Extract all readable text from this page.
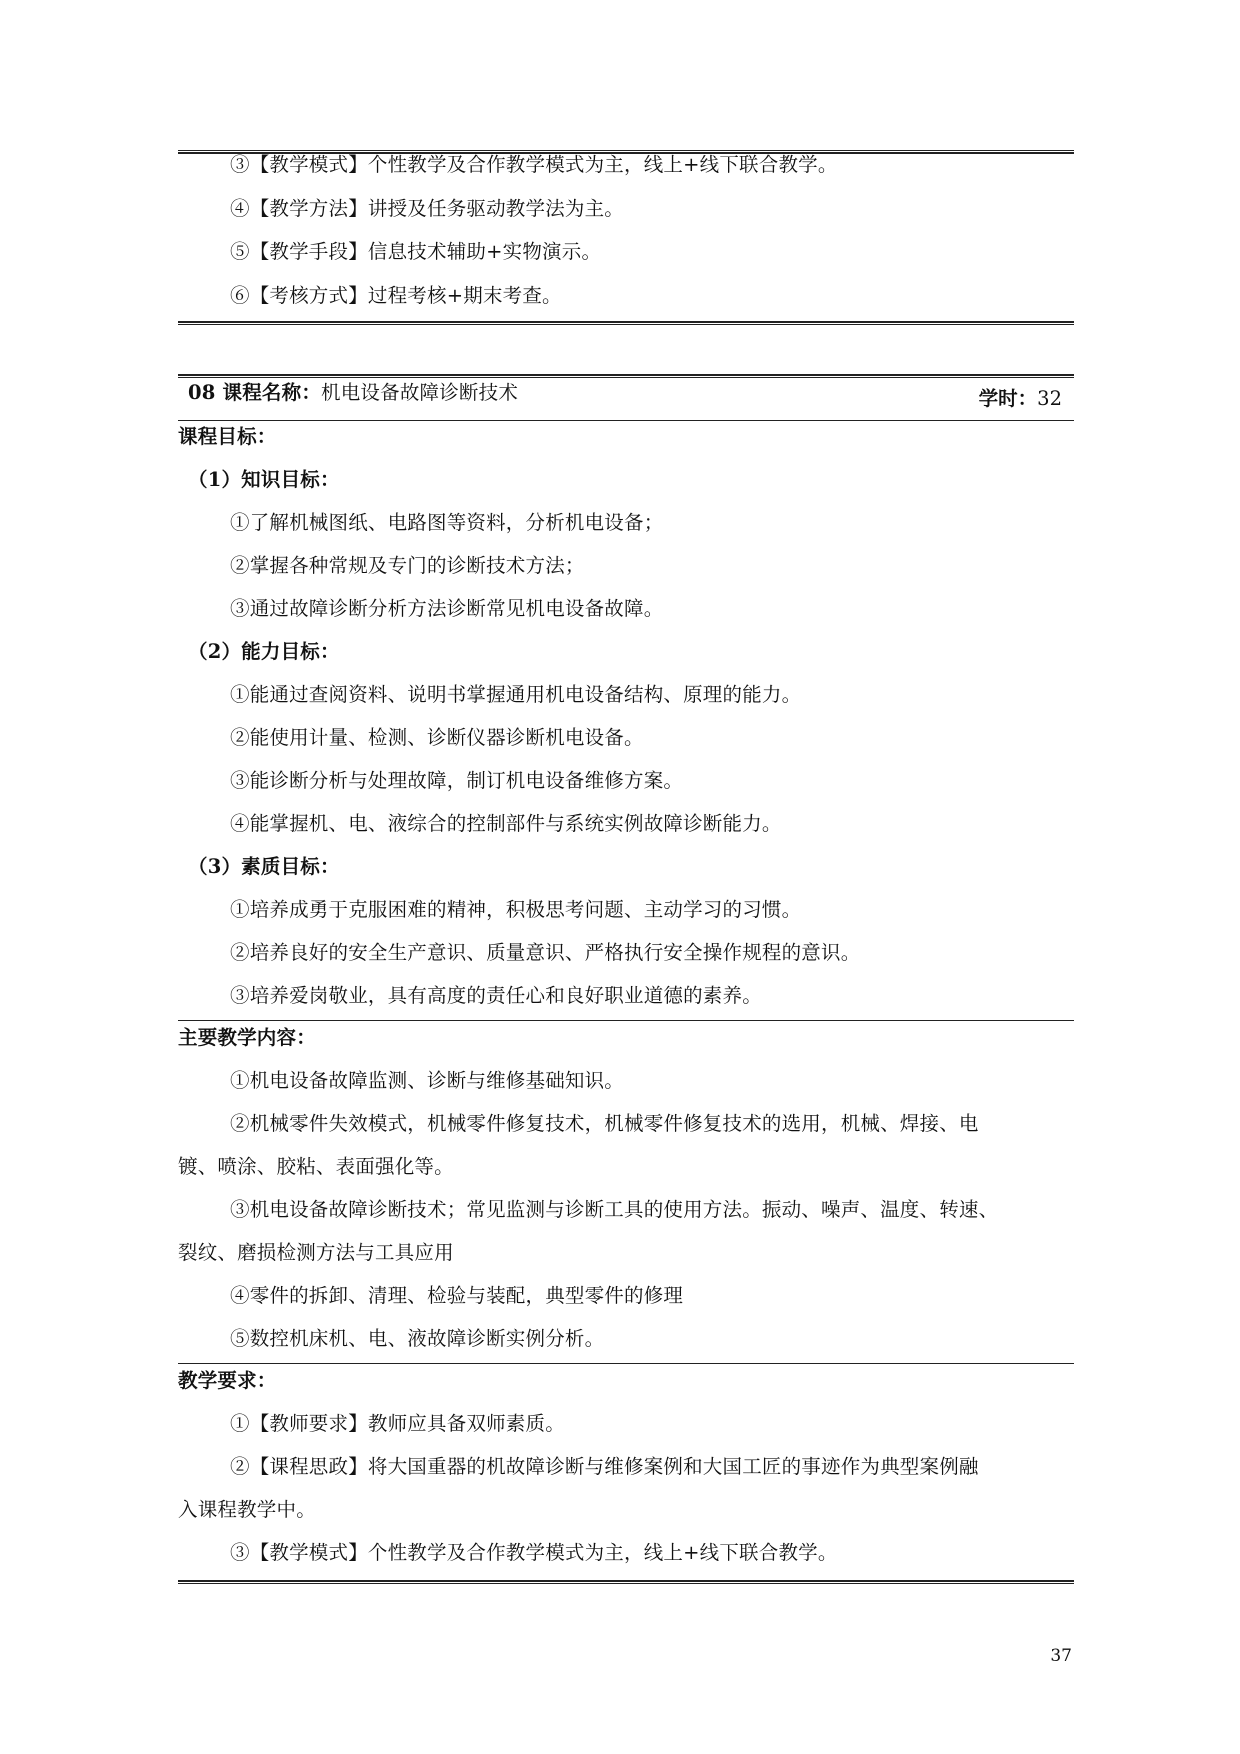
③【教学模式】个性教学及合作教学模式为主，线上+线下联合教学。
④【教学方法】讲授及任务驱动教学法为主。
⑤【教学手段】信息技术辅助+实物演示。
⑥【考核方式】过程考核+期末考查。
08 课程名称：机电设备故障诊断技术	学时：32
课程目标：
（1）知识目标：
①了解机械图纸、电路图等资料，分析机电设备；
②掌握各种常规及专门的诊断技术方法；
③通过故障诊断分析方法诊断常见机电设备故障。
（2）能力目标：
①能通过查阅资料、说明书掌握通用机电设备结构、原理的能力。
②能使用计量、检测、诊断仪器诊断机电设备。
③能诊断分析与处理故障，制订机电设备维修方案。
④能掌握机、电、液综合的控制部件与系统实例故障诊断能力。
（3）素质目标：
①培养成勇于克服困难的精神，积极思考问题、主动学习的习惯。
②培养良好的安全生产意识、质量意识、严格执行安全操作规程的意识。
③培养爱岗敬业，具有高度的责任心和良好职业道德的素养。
主要教学内容：
①机电设备故障监测、诊断与维修基础知识。
②机械零件失效模式，机械零件修复技术，机械零件修复技术的选用，机械、焊接、电
镀、喷涂、胶粘、表面强化等。
③机电设备故障诊断技术；常见监测与诊断工具的使用方法。振动、噪声、温度、转速、
裂纹、磨损检测方法与工具应用
④零件的拆卸、清理、检验与装配，典型零件的修理
⑤数控机床机、电、液故障诊断实例分析。
教学要求：
①【教师要求】教师应具备双师素质。
②【课程思政】将大国重器的机故障诊断与维修案例和大国工匠的事迹作为典型案例融
入课程教学中。
③【教学模式】个性教学及合作教学模式为主，线上+线下联合教学。
37
